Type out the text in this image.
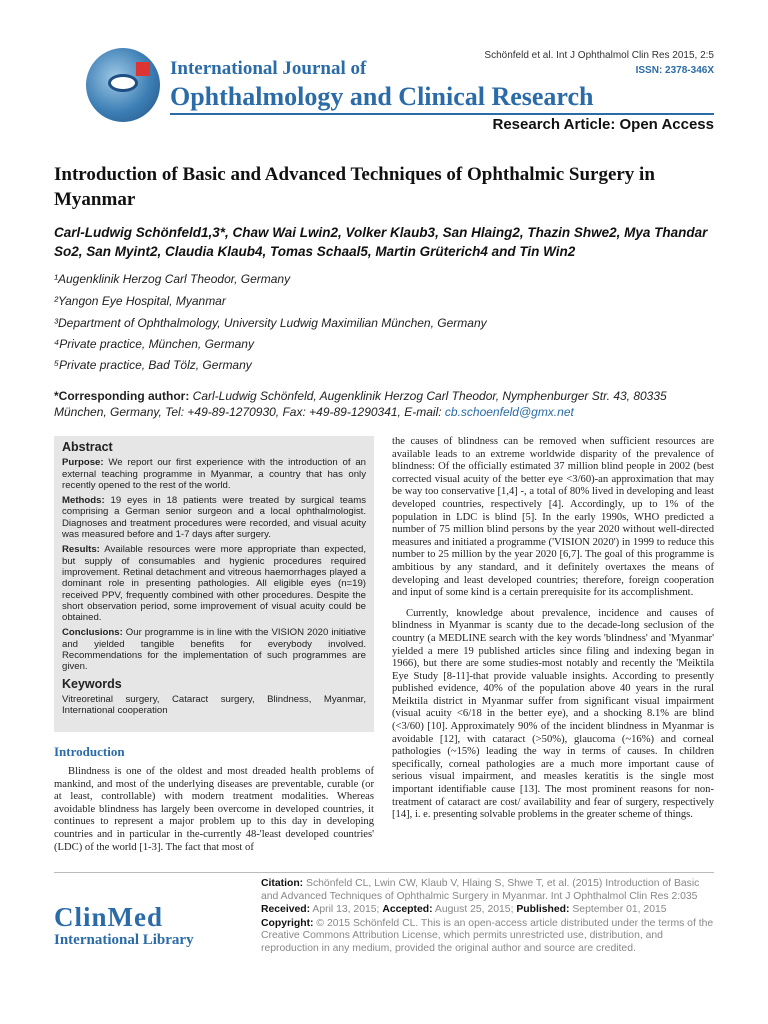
International Journal of
Ophthalmology and Clinical Research
Schönfeld et al. Int J Ophthalmol Clin Res 2015, 2:5
ISSN: 2378-346X
Research Article: Open Access
Introduction of Basic and Advanced Techniques of Ophthalmic Surgery in Myanmar
Carl-Ludwig Schönfeld1,3*, Chaw Wai Lwin2, Volker Klaub3, San Hlaing2, Thazin Shwe2, Mya Thandar So2, San Myint2, Claudia Klaub4, Tomas Schaal5, Martin Grüterich4 and Tin Win2
¹Augenklinik Herzog Carl Theodor, Germany
²Yangon Eye Hospital, Myanmar
³Department of Ophthalmology, University Ludwig Maximilian München, Germany
⁴Private practice, München, Germany
⁵Private practice, Bad Tölz, Germany
*Corresponding author: Carl-Ludwig Schönfeld, Augenklinik Herzog Carl Theodor, Nymphenburger Str. 43, 80335 München, Germany, Tel: +49-89-1270930, Fax: +49-89-1290341, E-mail: cb.schoenfeld@gmx.net
Abstract

Purpose: We report our first experience with the introduction of an external teaching programme in Myanmar, a country that has only recently opened to the rest of the world.

Methods: 19 eyes in 18 patients were treated by surgical teams comprising a German senior surgeon and a local ophthalmologist. Diagnoses and treatment procedures were recorded, and visual acuity was measured before and 1-7 days after surgery.

Results: Available resources were more appropriate than expected, but supply of consumables and hygienic procedures required improvement. Retinal detachment and vitreous haemorrhages played a dominant role in presenting pathologies. All eligible eyes (n=19) received PPV, frequently combined with other procedures. Despite the short observation period, some improvement of visual acuity could be obtained.

Conclusions: Our programme is in line with the VISION 2020 initiative and yielded tangible benefits for everybody involved. Recommendations for the implementation of such programmes are given.

Keywords

Vitreoretinal surgery, Cataract surgery, Blindness, Myanmar, International cooperation

Introduction

Blindness is one of the oldest and most dreaded health problems of mankind, and most of the underlying diseases are preventable, curable (or at least, controllable) with modern treatment modalities. Whereas avoidable blindness has largely been overcome in developed countries, it continues to represent a major problem up to this day in developing countries and in particular in the-currently 48-'least developed countries' (LDC) of the world [1-3]. The fact that most of

the causes of blindness can be removed when sufficient resources are available leads to an extreme worldwide disparity of the prevalence of blindness: Of the officially estimated 37 million blind people in 2002 (best corrected visual acuity of the better eye <3/60)-an approximation that may be way too conservative [1,4] -, a total of 80% lived in developing and least developed countries, respectively [4]. Accordingly, up to 1% of the population in LDC is blind [5]. In the early 1990s, WHO predicted a number of 75 million blind persons by the year 2020 without well-directed measures and initiated a programme ('VISION 2020') in 1999 to reduce this number to 25 million by the year 2020 [6,7]. The goal of this programme is ambitious by any standard, and it definitely overtaxes the means of developing and least developed countries; therefore, foreign cooperation and input of some kind is a certain prerequisite for its accomplishment.

Currently, knowledge about prevalence, incidence and causes of blindness in Myanmar is scanty due to the decade-long seclusion of the country (a MEDLINE search with the key words 'blindness' and 'Myanmar' yielded a mere 19 published articles since filing and indexing began in 1966), but there are some studies-most notably and recently the 'Meiktila Eye Study [8-11]-that provide valuable insights. According to presently published evidence, 40% of the population above 40 years in the rural Meiktila district in Myanmar suffer from significant visual impairment (visual acuity <6/18 in the better eye), and a shocking 8.1% are blind (<3/60) [10]. Approximately 90% of the incident blindness in Myanmar is avoidable [12], with cataract (>50%), glaucoma (~16%) and corneal pathologies (~15%) leading the way in terms of causes. In children specifically, corneal pathologies are a much more important cause of serious visual impairment, and measles keratitis is the single most important identifiable cause [13]. The most prominent reasons for non-treatment of cataract are cost/ availability and fear of surgery, respectively [14], i. e. presenting solvable problems in the greater scheme of things.

ClinMed
International Library
Citation: Schönfeld CL, Lwin CW, Klaub V, Hlaing S, Shwe T, et al. (2015) Introduction of Basic and Advanced Techniques of Ophthalmic Surgery in Myanmar. Int J Ophthalmol Clin Res 2:035
Received: April 13, 2015; Accepted: August 25, 2015; Published: September 01, 2015
Copyright: © 2015 Schönfeld CL. This is an open-access article distributed under the terms of the Creative Commons Attribution License, which permits unrestricted use, distribution, and reproduction in any medium, provided the original author and source are credited.
